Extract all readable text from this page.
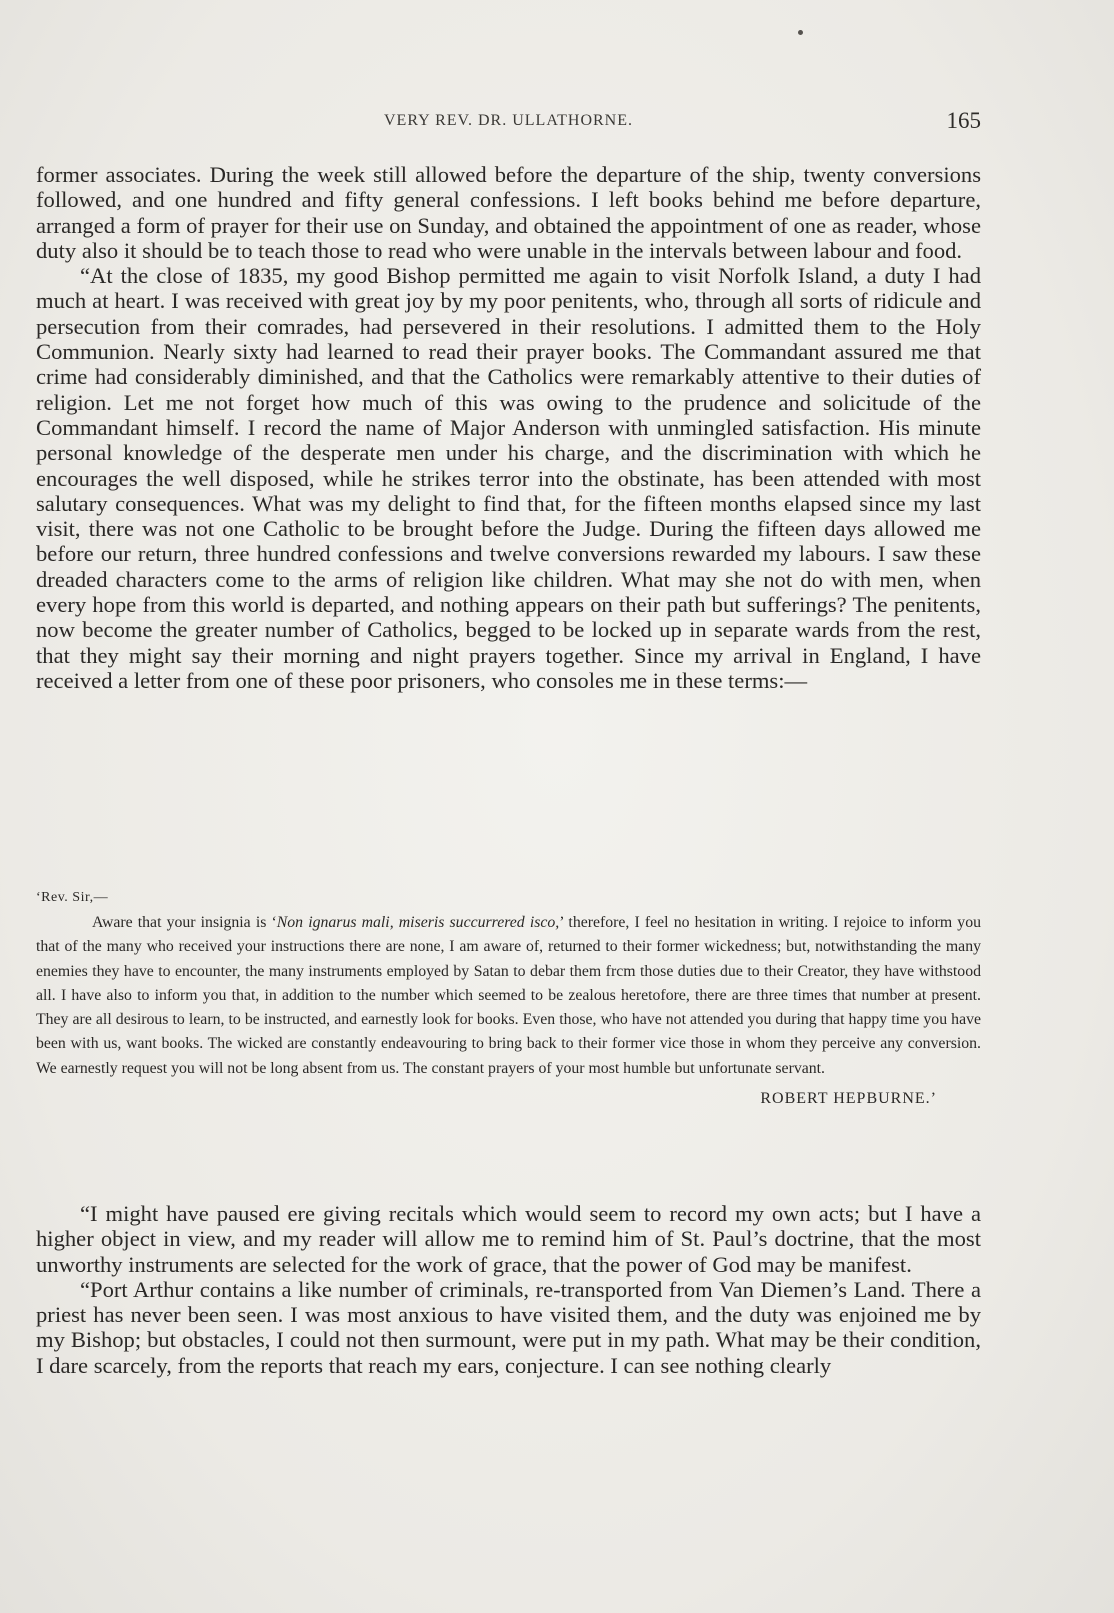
VERY REV. DR. ULLATHORNE.	165

former associates. During the week still allowed before the departure of the ship, twenty conversions followed, and one hundred and fifty general confessions. I left books behind me before departure, arranged a form of prayer for their use on Sunday, and obtained the appointment of one as reader, whose duty also it should be to teach those to read who were unable in the intervals between labour and food.

“At the close of 1835, my good Bishop permitted me again to visit Norfolk Island, a duty I had much at heart. I was received with great joy by my poor penitents, who, through all sorts of ridicule and persecution from their comrades, had persevered in their resolutions. I admitted them to the Holy Communion. Nearly sixty had learned to read their prayer books. The Commandant assured me that crime had considerably diminished, and that the Catholics were remarkably attentive to their duties of religion. Let me not forget how much of this was owing to the prudence and solicitude of the Commandant himself. I record the name of Major Anderson with unmingled satisfaction. His minute personal knowledge of the desperate men under his charge, and the discrimination with which he encourages the well disposed, while he strikes terror into the obstinate, has been attended with most salutary consequences. What was my delight to find that, for the fifteen months elapsed since my last visit, there was not one Catholic to be brought before the Judge. During the fifteen days allowed me before our return, three hundred confessions and twelve conversions rewarded my labours. I saw these dreaded characters come to the arms of religion like children. What may she not do with men, when every hope from this world is departed, and nothing appears on their path but sufferings? The penitents, now become the greater number of Catholics, begged to be locked up in separate wards from the rest, that they might say their morning and night prayers together. Since my arrival in England, I have received a letter from one of these poor prisoners, who consoles me in these terms:—

‘Rev. Sir,—

Aware that your insignia is ‘Non ignarus mali, miseris succurrered isco,’ therefore, I feel no hesitation in writing. I rejoice to inform you that of the many who received your instructions there are none, I am aware of, returned to their former wickedness; but, notwithstanding the many enemies they have to encounter, the many instruments employed by Satan to debar them frcm those duties due to their Creator, they have withstood all. I have also to inform you that, in addition to the number which seemed to be zealous heretofore, there are three times that number at present. They are all desirous to learn, to be instructed, and earnestly look for books. Even those, who have not attended you during that happy time you have been with us, want books. The wicked are constantly endeavouring to bring back to their former vice those in whom they perceive any conversion. We earnestly request you will not be long absent from us. The constant prayers of your most humble but unfortunate servant.

ROBERT HEPBURNE.’

“I might have paused ere giving recitals which would seem to record my own acts; but I have a higher object in view, and my reader will allow me to remind him of St. Paul’s doctrine, that the most unworthy instruments are selected for the work of grace, that the power of God may be manifest.

“Port Arthur contains a like number of criminals, re-transported from Van Diemen’s Land. There a priest has never been seen. I was most anxious to have visited them, and the duty was enjoined me by my Bishop; but obstacles, I could not then surmount, were put in my path. What may be their condition, I dare scarcely, from the reports that reach my ears, conjecture. I can see nothing clearly
